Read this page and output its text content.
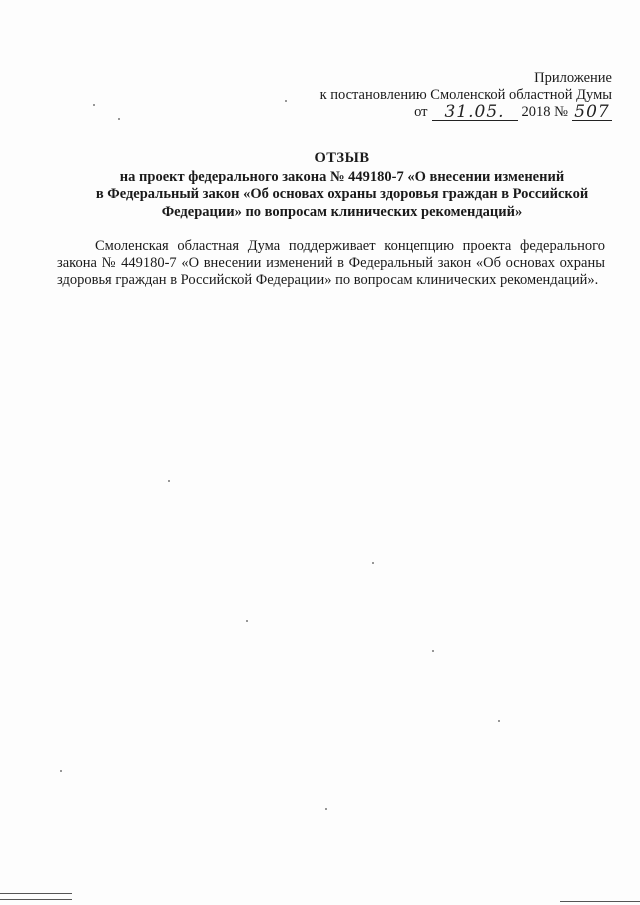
Приложение
к постановлению Смоленской областной Думы
от 31.05.	2018 № 507
ОТЗЫВ
на проект федерального закона № 449180-7 «О внесении изменений
в Федеральный закон «Об основах охраны здоровья граждан в Российской
Федерации» по вопросам клинических рекомендаций»
Смоленская областная Дума поддерживает концепцию проекта федерального закона № 449180-7 «О внесении изменений в Федеральный закон «Об основах охраны здоровья граждан в Российской Федерации» по вопросам клинических рекомендаций».
